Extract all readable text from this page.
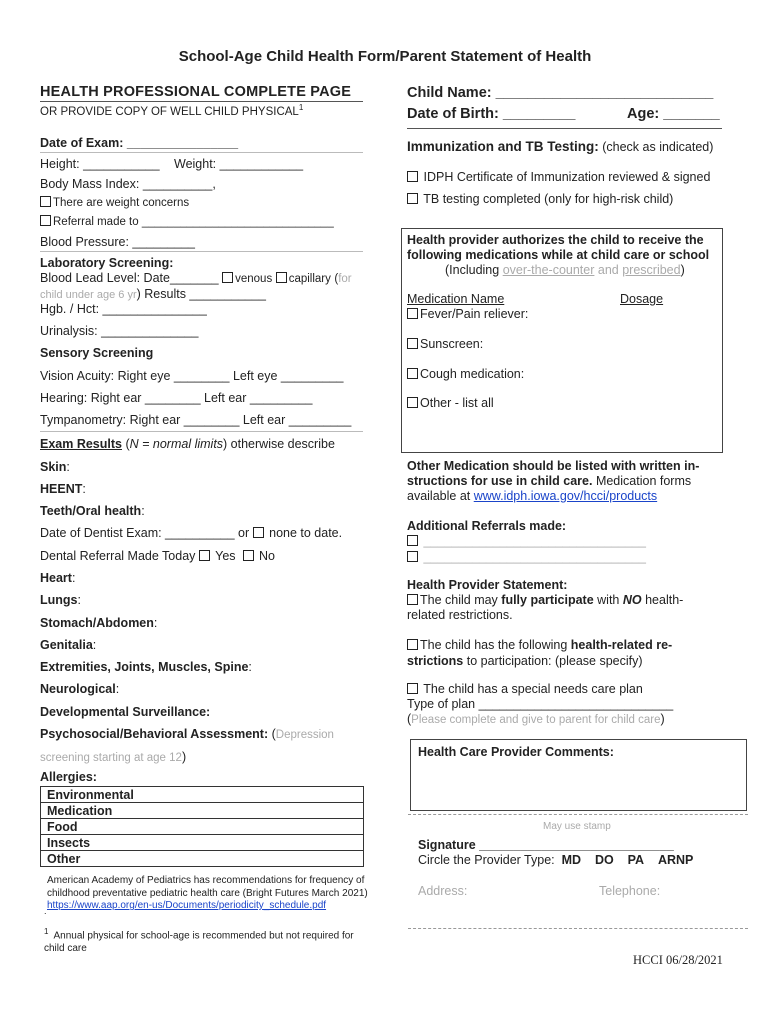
School-Age Child Health Form/Parent Statement of Health
HEALTH PROFESSIONAL COMPLETE PAGE
OR PROVIDE COPY OF WELL CHILD PHYSICAL$^1$
Date of Exam: ________________
Height: ___________ Weight: ____________
Body Mass Index: __________,
There are weight concerns
Referral made to ______________________________
Blood Pressure: _________
Laboratory Screening:
Blood Lead Level: Date_______ venous capillary (for
child under age 6 yr) Results ___________
Hgb. / Hct: _______________
Urinalysis: ______________
Sensory Screening
Vision Acuity: Right eye ________ Left eye _________
Hearing: Right ear ________ Left ear _________
Tympanometry: Right ear ________ Left ear _________
Exam Results (N = normal limits) otherwise describe
Skin:
HEENT:
Teeth/Oral health:
Date of Dentist Exam: __________ or none to date.
Dental Referral Made Today Yes No
Heart:
Lungs:
Stomach/Abdomen:
Genitalia:
Extremities, Joints, Muscles, Spine:
Neurological:
Developmental Surveillance:
Psychosocial/Behavioral Assessment: (Depression
screening starting at age 12)
Allergies:
Environmental
Medication
Food
Insects
Other
American Academy of Pediatrics has recommendations for frequency of childhood preventative pediatric health care (Bright Futures March 2021)
https://www.aap.org/en-us/Documents/periodicity_schedule.pdf
.
$^1$ Annual physical for school-age is recommended but not required for child care
Child Name: ___________________________
Date of Birth: _________	Age: _______
Immunization and TB Testing: (check as indicated)
IDPH Certificate of Immunization reviewed & signed
TB testing completed (only for high-risk child)
Health provider authorizes the child to receive the
following medications while at child care or school
(Including over-the-counter and prescribed)
Medication Name	Dosage
Fever/Pain reliever:
Sunscreen:
Cough medication:
Other - list all
Other Medication should be listed with written in-
structions for use in child care. Medication forms
available at www.idph.iowa.gov/hcci/products
Additional Referrals made:
________________________________
________________________________
Health Provider Statement:
The child may fully participate with NO health-
related restrictions.
The child has the following health-related re-
strictions to participation: (please specify)
The child has a special needs care plan
Type of plan ____________________________
(Please complete and give to parent for child care)
Health Care Provider Comments:
May use stamp
Signature ____________________________
Circle the Provider Type: MD DO PA ARNP
Address:	Telephone:
HCCI 06/28/2021
